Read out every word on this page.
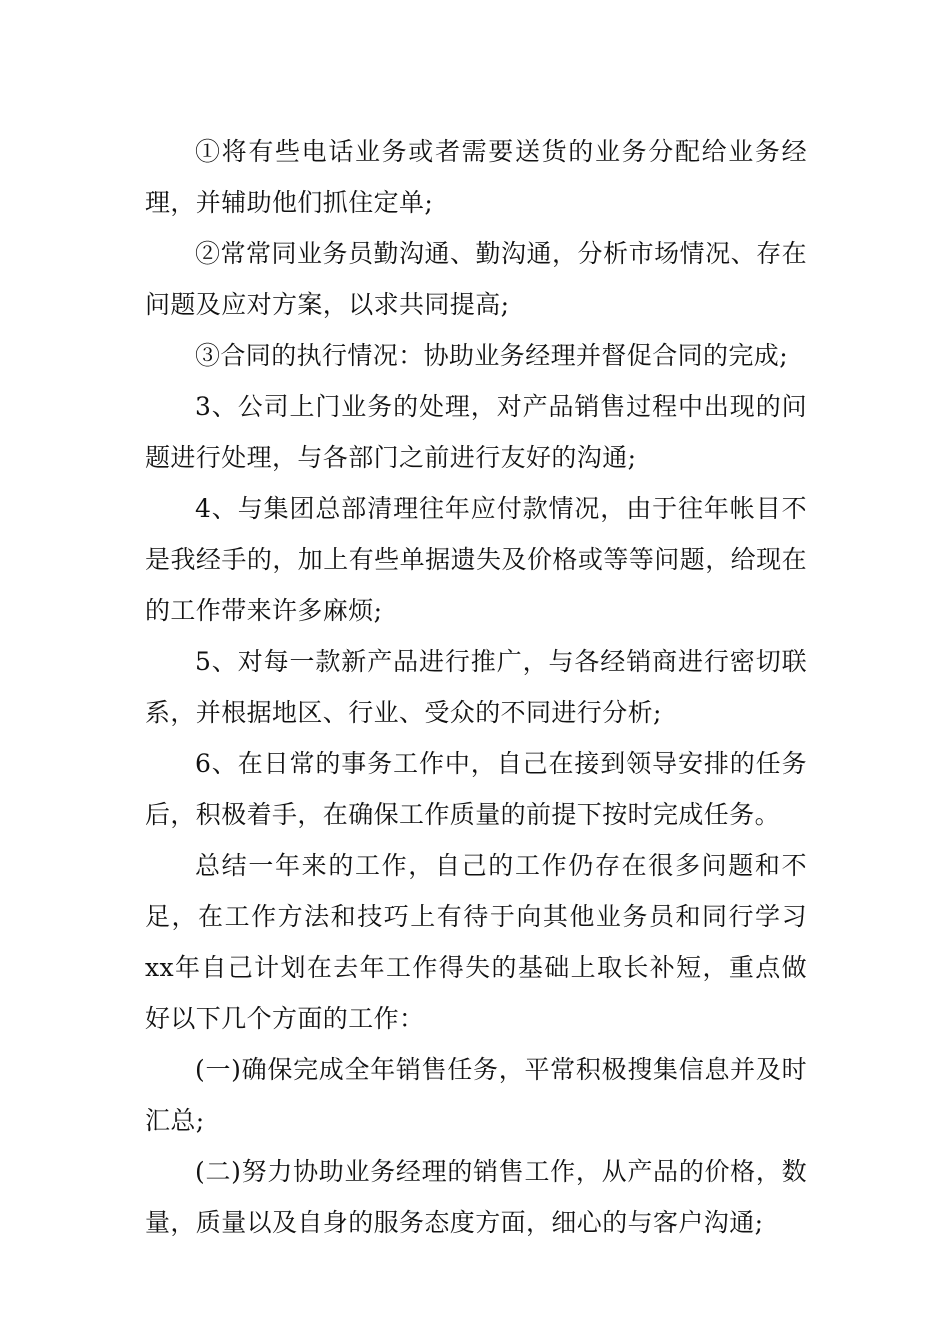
①将有些电话业务或者需要送货的业务分配给业务经理，并辅助他们抓住定单;

②常常同业务员勤沟通、勤沟通，分析市场情况、存在问题及应对方案，以求共同提高;

③合同的执行情况：协助业务经理并督促合同的完成;

3、公司上门业务的处理，对产品销售过程中出现的问题进行处理，与各部门之前进行友好的沟通;

4、与集团总部清理往年应付款情况，由于往年帐目不是我经手的，加上有些单据遗失及价格或等等问题，给现在的工作带来许多麻烦;

5、对每一款新产品进行推广，与各经销商进行密切联系，并根据地区、行业、受众的不同进行分析;

6、在日常的事务工作中，自己在接到领导安排的任务后，积极着手，在确保工作质量的前提下按时完成任务。

总结一年来的工作，自己的工作仍存在很多问题和不足，在工作方法和技巧上有待于向其他业务员和同行学习xx年自己计划在去年工作得失的基础上取长补短，重点做好以下几个方面的工作：

(一)确保完成全年销售任务，平常积极搜集信息并及时汇总;

(二)努力协助业务经理的销售工作，从产品的价格，数量，质量以及自身的服务态度方面，细心的与客户沟通;
